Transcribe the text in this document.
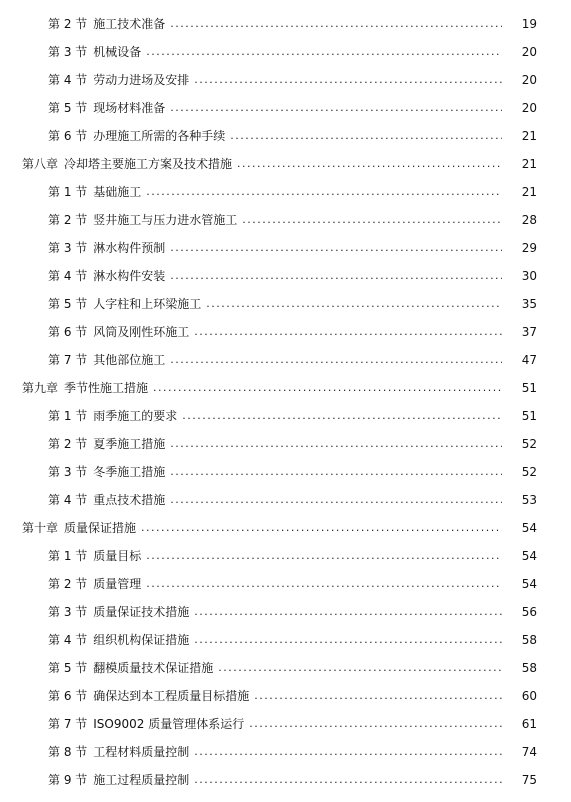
第 2 节 施工技术准备 .....	19
第 3 节 机械设备 .....	20
第 4 节 劳动力进场及安排 .....	20
第 5 节 现场材料准备 .....	20
第 6 节 办理施工所需的各种手续 .....	21
第八章 冷却塔主要施工方案及技术措施 .....	21
第 1 节 基础施工 .....	21
第 2 节 竖井施工与压力进水管施工 .....	28
第 3 节 淋水构件预制 .....	29
第 4 节 淋水构件安装 .....	30
第 5 节 人字柱和上环梁施工 .....	35
第 6 节 风筒及刚性环施工 .....	37
第 7 节 其他部位施工 .....	47
第九章 季节性施工措施 .....	51
第 1 节 雨季施工的要求 .....	51
第 2 节 夏季施工措施 .....	52
第 3 节 冬季施工措施 .....	52
第 4 节 重点技术措施 .....	53
第十章 质量保证措施 .....	54
第 1 节 质量目标 .....	54
第 2 节 质量管理 .....	54
第 3 节 质量保证技术措施 .....	56
第 4 节 组织机构保证措施 .....	58
第 5 节 翻模质量技术保证措施 .....	58
第 6 节 确保达到本工程质量目标措施 .....	60
第 7 节 ISO9002 质量管理体系运行 .....	61
第 8 节 工程材料质量控制 .....	74
第 9 节 施工过程质量控制 .....	75
